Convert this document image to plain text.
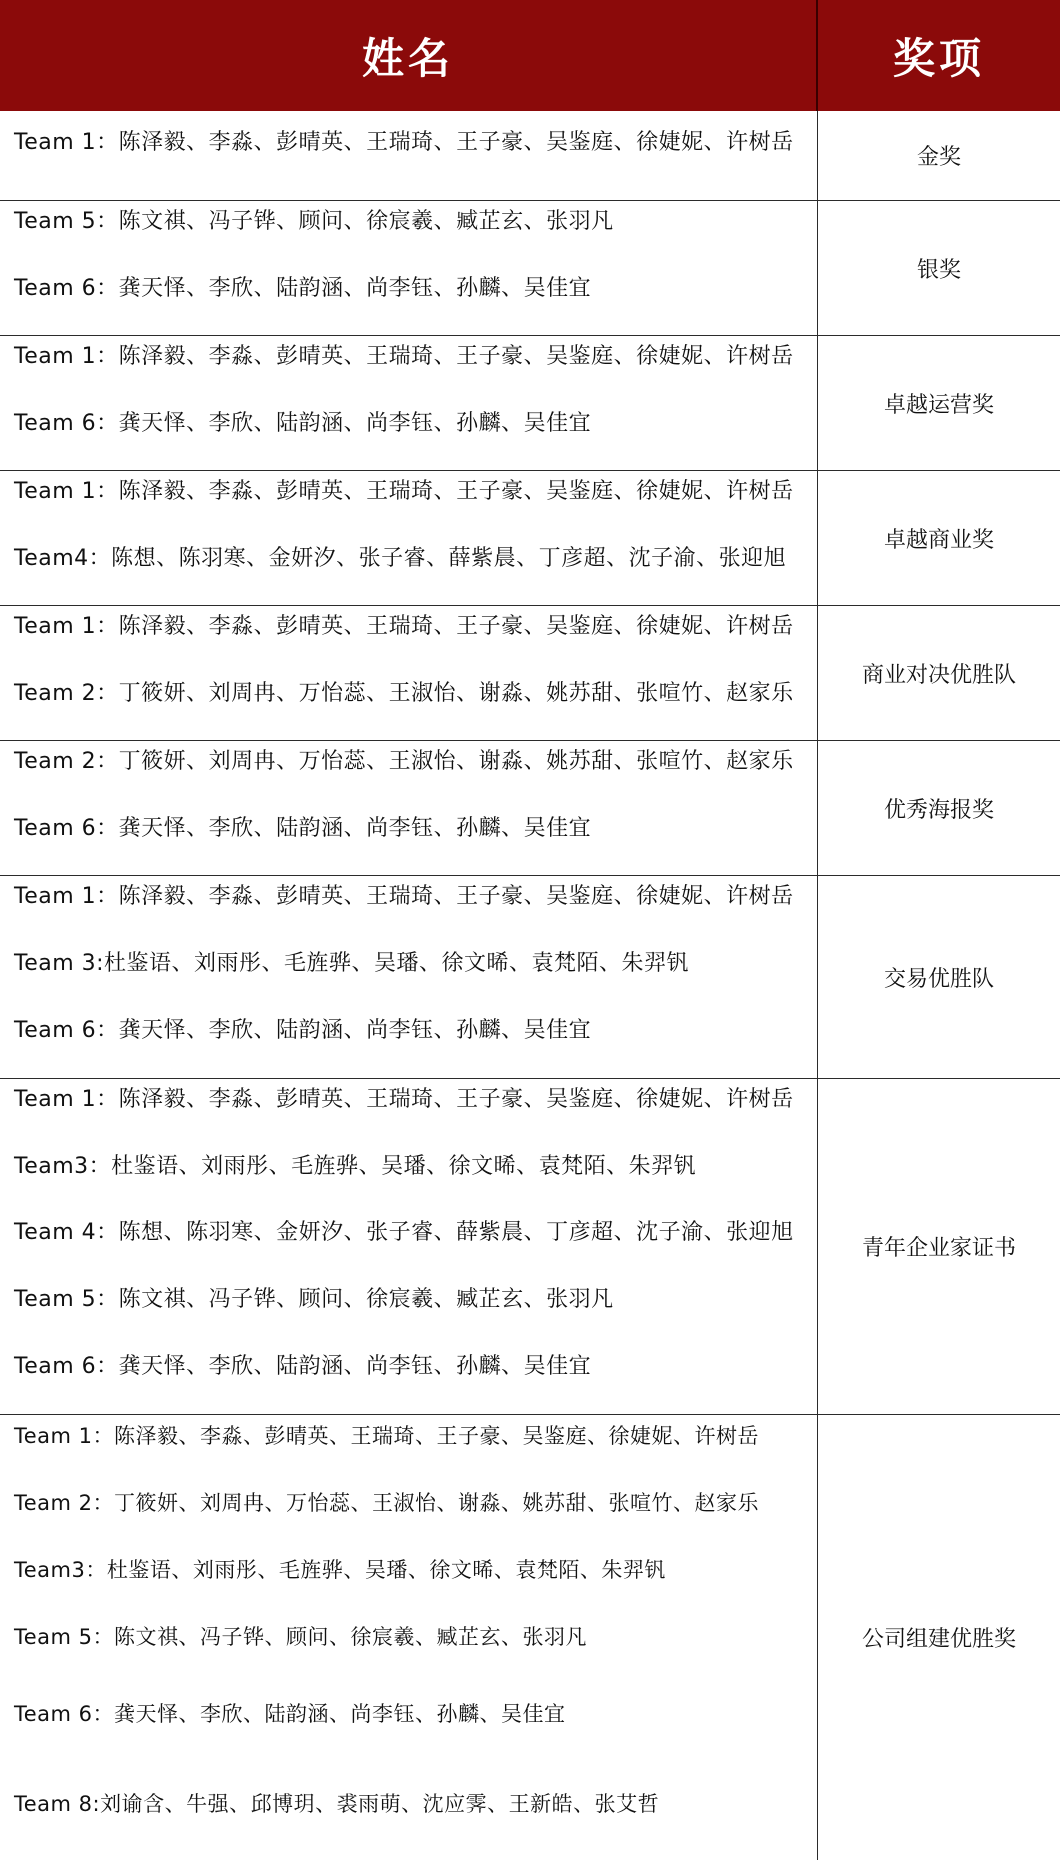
姓名	奖项
Team 1：陈泽毅、李淼、彭晴英、王瑞琦、王子豪、吴鉴庭、徐婕妮、许树岳
金奖
Team 5：陈文祺、冯子铧、顾问、徐宸羲、臧芷玄、张羽凡
Team 6：龚天怿、李欣、陆韵涵、尚李钰、孙麟、吴佳宜
银奖
Team 1：陈泽毅、李淼、彭晴英、王瑞琦、王子豪、吴鉴庭、徐婕妮、许树岳
Team 6：龚天怿、李欣、陆韵涵、尚李钰、孙麟、吴佳宜
卓越运营奖
Team 1：陈泽毅、李淼、彭晴英、王瑞琦、王子豪、吴鉴庭、徐婕妮、许树岳
Team4：陈想、陈羽寒、金妍汐、张子睿、薛紫晨、丁彦超、沈子渝、张迎旭
卓越商业奖
Team 1：陈泽毅、李淼、彭晴英、王瑞琦、王子豪、吴鉴庭、徐婕妮、许树岳
Team 2：丁筱妍、刘周冉、万怡蕊、王淑怡、谢淼、姚苏甜、张喧竹、赵家乐
商业对决优胜队
Team 2：丁筱妍、刘周冉、万怡蕊、王淑怡、谢淼、姚苏甜、张喧竹、赵家乐
Team 6：龚天怿、李欣、陆韵涵、尚李钰、孙麟、吴佳宜
优秀海报奖
Team 1：陈泽毅、李淼、彭晴英、王瑞琦、王子豪、吴鉴庭、徐婕妮、许树岳
Team 3:杜鉴语、刘雨彤、毛旌骅、吴璠、徐文晞、袁梵陌、朱羿钒
Team 6：龚天怿、李欣、陆韵涵、尚李钰、孙麟、吴佳宜
交易优胜队
Team 1：陈泽毅、李淼、彭晴英、王瑞琦、王子豪、吴鉴庭、徐婕妮、许树岳
Team3：杜鉴语、刘雨彤、毛旌骅、吴璠、徐文晞、袁梵陌、朱羿钒
Team 4：陈想、陈羽寒、金妍汐、张子睿、薛紫晨、丁彦超、沈子渝、张迎旭
Team 5：陈文祺、冯子铧、顾问、徐宸羲、臧芷玄、张羽凡
Team 6：龚天怿、李欣、陆韵涵、尚李钰、孙麟、吴佳宜
青年企业家证书
Team 1：陈泽毅、李淼、彭晴英、王瑞琦、王子豪、吴鉴庭、徐婕妮、许树岳
Team 2：丁筱妍、刘周冉、万怡蕊、王淑怡、谢淼、姚苏甜、张喧竹、赵家乐
Team3：杜鉴语、刘雨彤、毛旌骅、吴璠、徐文晞、袁梵陌、朱羿钒
Team 5：陈文祺、冯子铧、顾问、徐宸羲、臧芷玄、张羽凡
Team 6：龚天怿、李欣、陆韵涵、尚李钰、孙麟、吴佳宜
Team 8:刘谕含、牛强、邱博玥、裘雨萌、沈应霁、王新皓、张艾哲
公司组建优胜奖
